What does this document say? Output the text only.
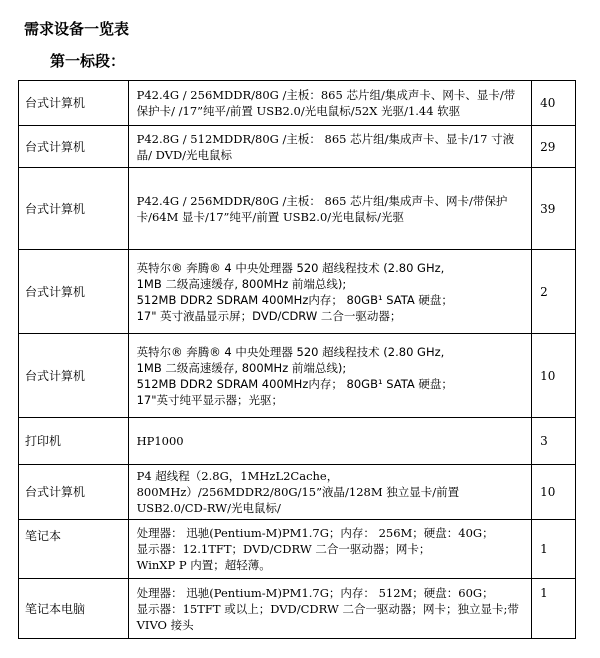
需求设备一览表
第一标段：
台式计算机	P42.4G / 256MDDR/80G /主板：865 芯片组/集成声卡、网卡、显卡/带保护卡/ /17”纯平/前置 USB2.0/光电鼠标/52X 光驱/1.44 软驱	40
台式计算机	P42.8G / 512MDDR/80G /主板： 865 芯片组/集成声卡、显卡/17 寸液晶/ DVD/光电鼠标	29
台式计算机	P42.4G / 256MDDR/80G /主板： 865 芯片组/集成声卡、网卡/带保护卡/64M 显卡/17”纯平/前置 USB2.0/光电鼠标/光驱	39
台式计算机	英特尔® 奔腾® 4 中央处理器 520 超线程技术 (2.80 GHz,
1MB 二级高速缓存, 800MHz 前端总线);
512MB DDR2 SDRAM 400MHz内存； 80GB¹ SATA 硬盘；
17" 英寸液晶显示屏；DVD/CDRW 二合一驱动器；	2
台式计算机	英特尔® 奔腾® 4 中央处理器 520 超线程技术 (2.80 GHz,
1MB 二级高速缓存, 800MHz 前端总线);
512MB DDR2 SDRAM 400MHz内存； 80GB¹ SATA 硬盘；
17"英寸纯平显示器；光驱；	10
打印机	HP1000	3
台式计算机	P4 超线程（2.8G，1MHzL2Cache，800MHz）/256MDDR2/80G/15”液晶/128M 独立显卡/前置 USB2.0/CD-RW/光电鼠标/	10
笔记本	处理器： 迅驰(Pentium-M)PM1.7G；内存： 256M；硬盘：40G；
显示器：12.1TFT；DVD/CDRW 二合一驱动器；网卡；
WinXP P 内置；超轻薄。	1
笔记本电脑	处理器： 迅驰(Pentium-M)PM1.7G；内存： 512M；硬盘：60G；
显示器：15TFT 或以上；DVD/CDRW 二合一驱动器；网卡；独立显卡;带 VIVO 接头	1
